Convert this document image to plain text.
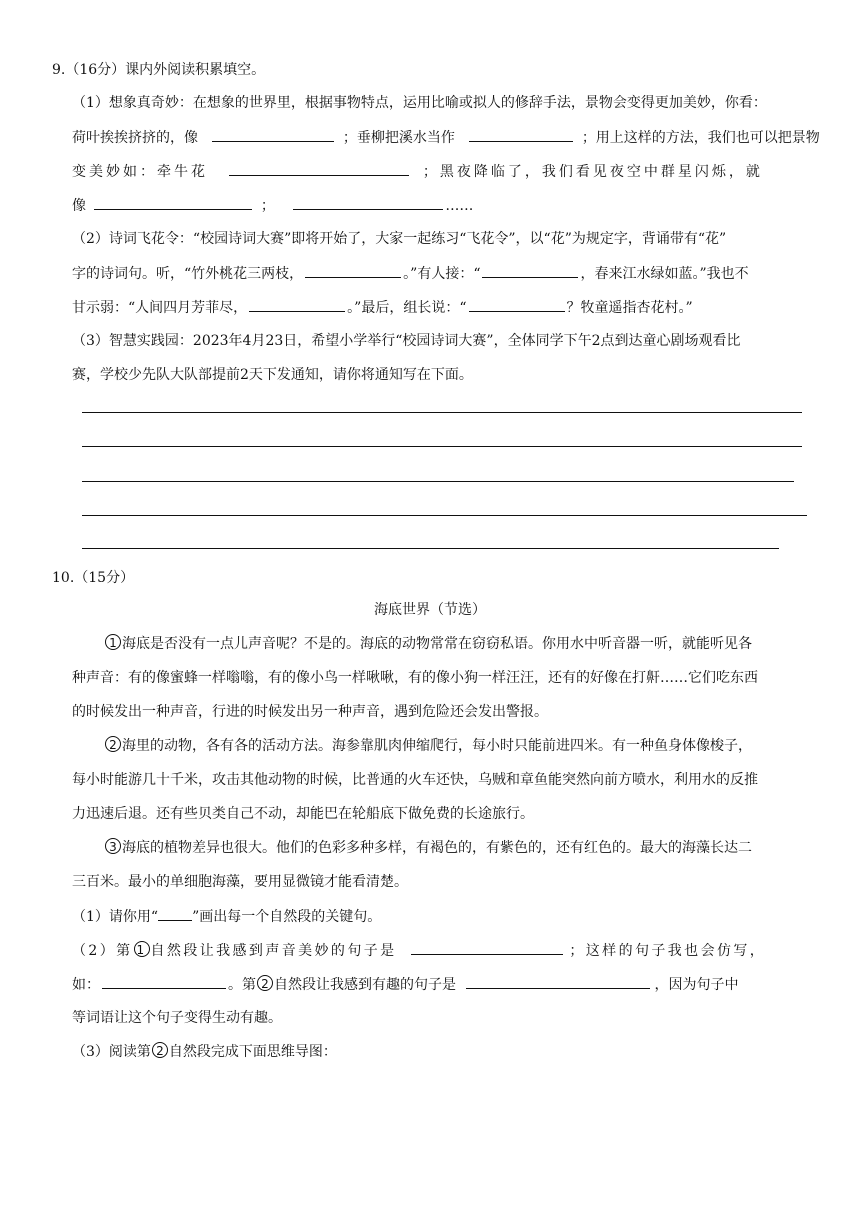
9.（16分）课内外阅读积累填空。
（1）想象真奇妙：在想象的世界里，根据事物特点，运用比喻或拟人的修辞手法，景物会变得更加美妙，你看：
荷叶挨挨挤挤的，像	；垂柳把溪水当作	；用上这样的方法，我们也可以把景物
变美妙如：牵牛花	；黑夜降临了，我们看见夜空中群星闪烁，就
像	；	……
（2）诗词飞花令：“校园诗词大赛”即将开始了，大家一起练习“飞花令”，以“花”为规定字，背诵带有“花”
字的诗词句。听，“竹外桃花三两枝，	。”有人接：“	，春来江水绿如蓝。”我也不
甘示弱：“人间四月芳菲尽，	。”最后，组长说：“	？牧童遥指杏花村。”
（3）智慧实践园：2023年4月23日，希望小学举行“校园诗词大赛”，全体同学下午2点到达童心剧场观看比
赛，学校少先队大队部提前2天下发通知，请你将通知写在下面。
10.（15分）
海底世界（节选）
1 海底是否没有一点儿声音呢？不是的。海底的动物常常在窃窃私语。你用水中听音器一听，就能听见各
种声音：有的像蜜蜂一样嗡嗡，有的像小鸟一样啾啾，有的像小狗一样汪汪，还有的好像在打鼾……它们吃东西
的时候发出一种声音，行进的时候发出另一种声音，遇到危险还会发出警报。
2 海里的动物，各有各的活动方法。海参靠肌肉伸缩爬行，每小时只能前进四米。有一种鱼身体像梭子，
每小时能游几十千米，攻击其他动物的时候，比普通的火车还快，乌贼和章鱼能突然向前方喷水，利用水的反推
力迅速后退。还有些贝类自己不动，却能巴在轮船底下做免费的长途旅行。
3 海底的植物差异也很大。他们的色彩多种多样，有褐色的，有紫色的，还有红色的。最大的海藻长达二
三百米。最小的单细胞海藻，要用显微镜才能看清楚。
（1）请你用“ ”画出每一个自然段的关键句。
（2）第 1 自然段让我感到声音美妙的句子是	；这样的句子我也会仿写，
如：	。第 2 自然段让我感到有趣的句子是	，因为句子中
等词语让这个句子变得生动有趣。
（3）阅读第 2 自然段完成下面思维导图：
